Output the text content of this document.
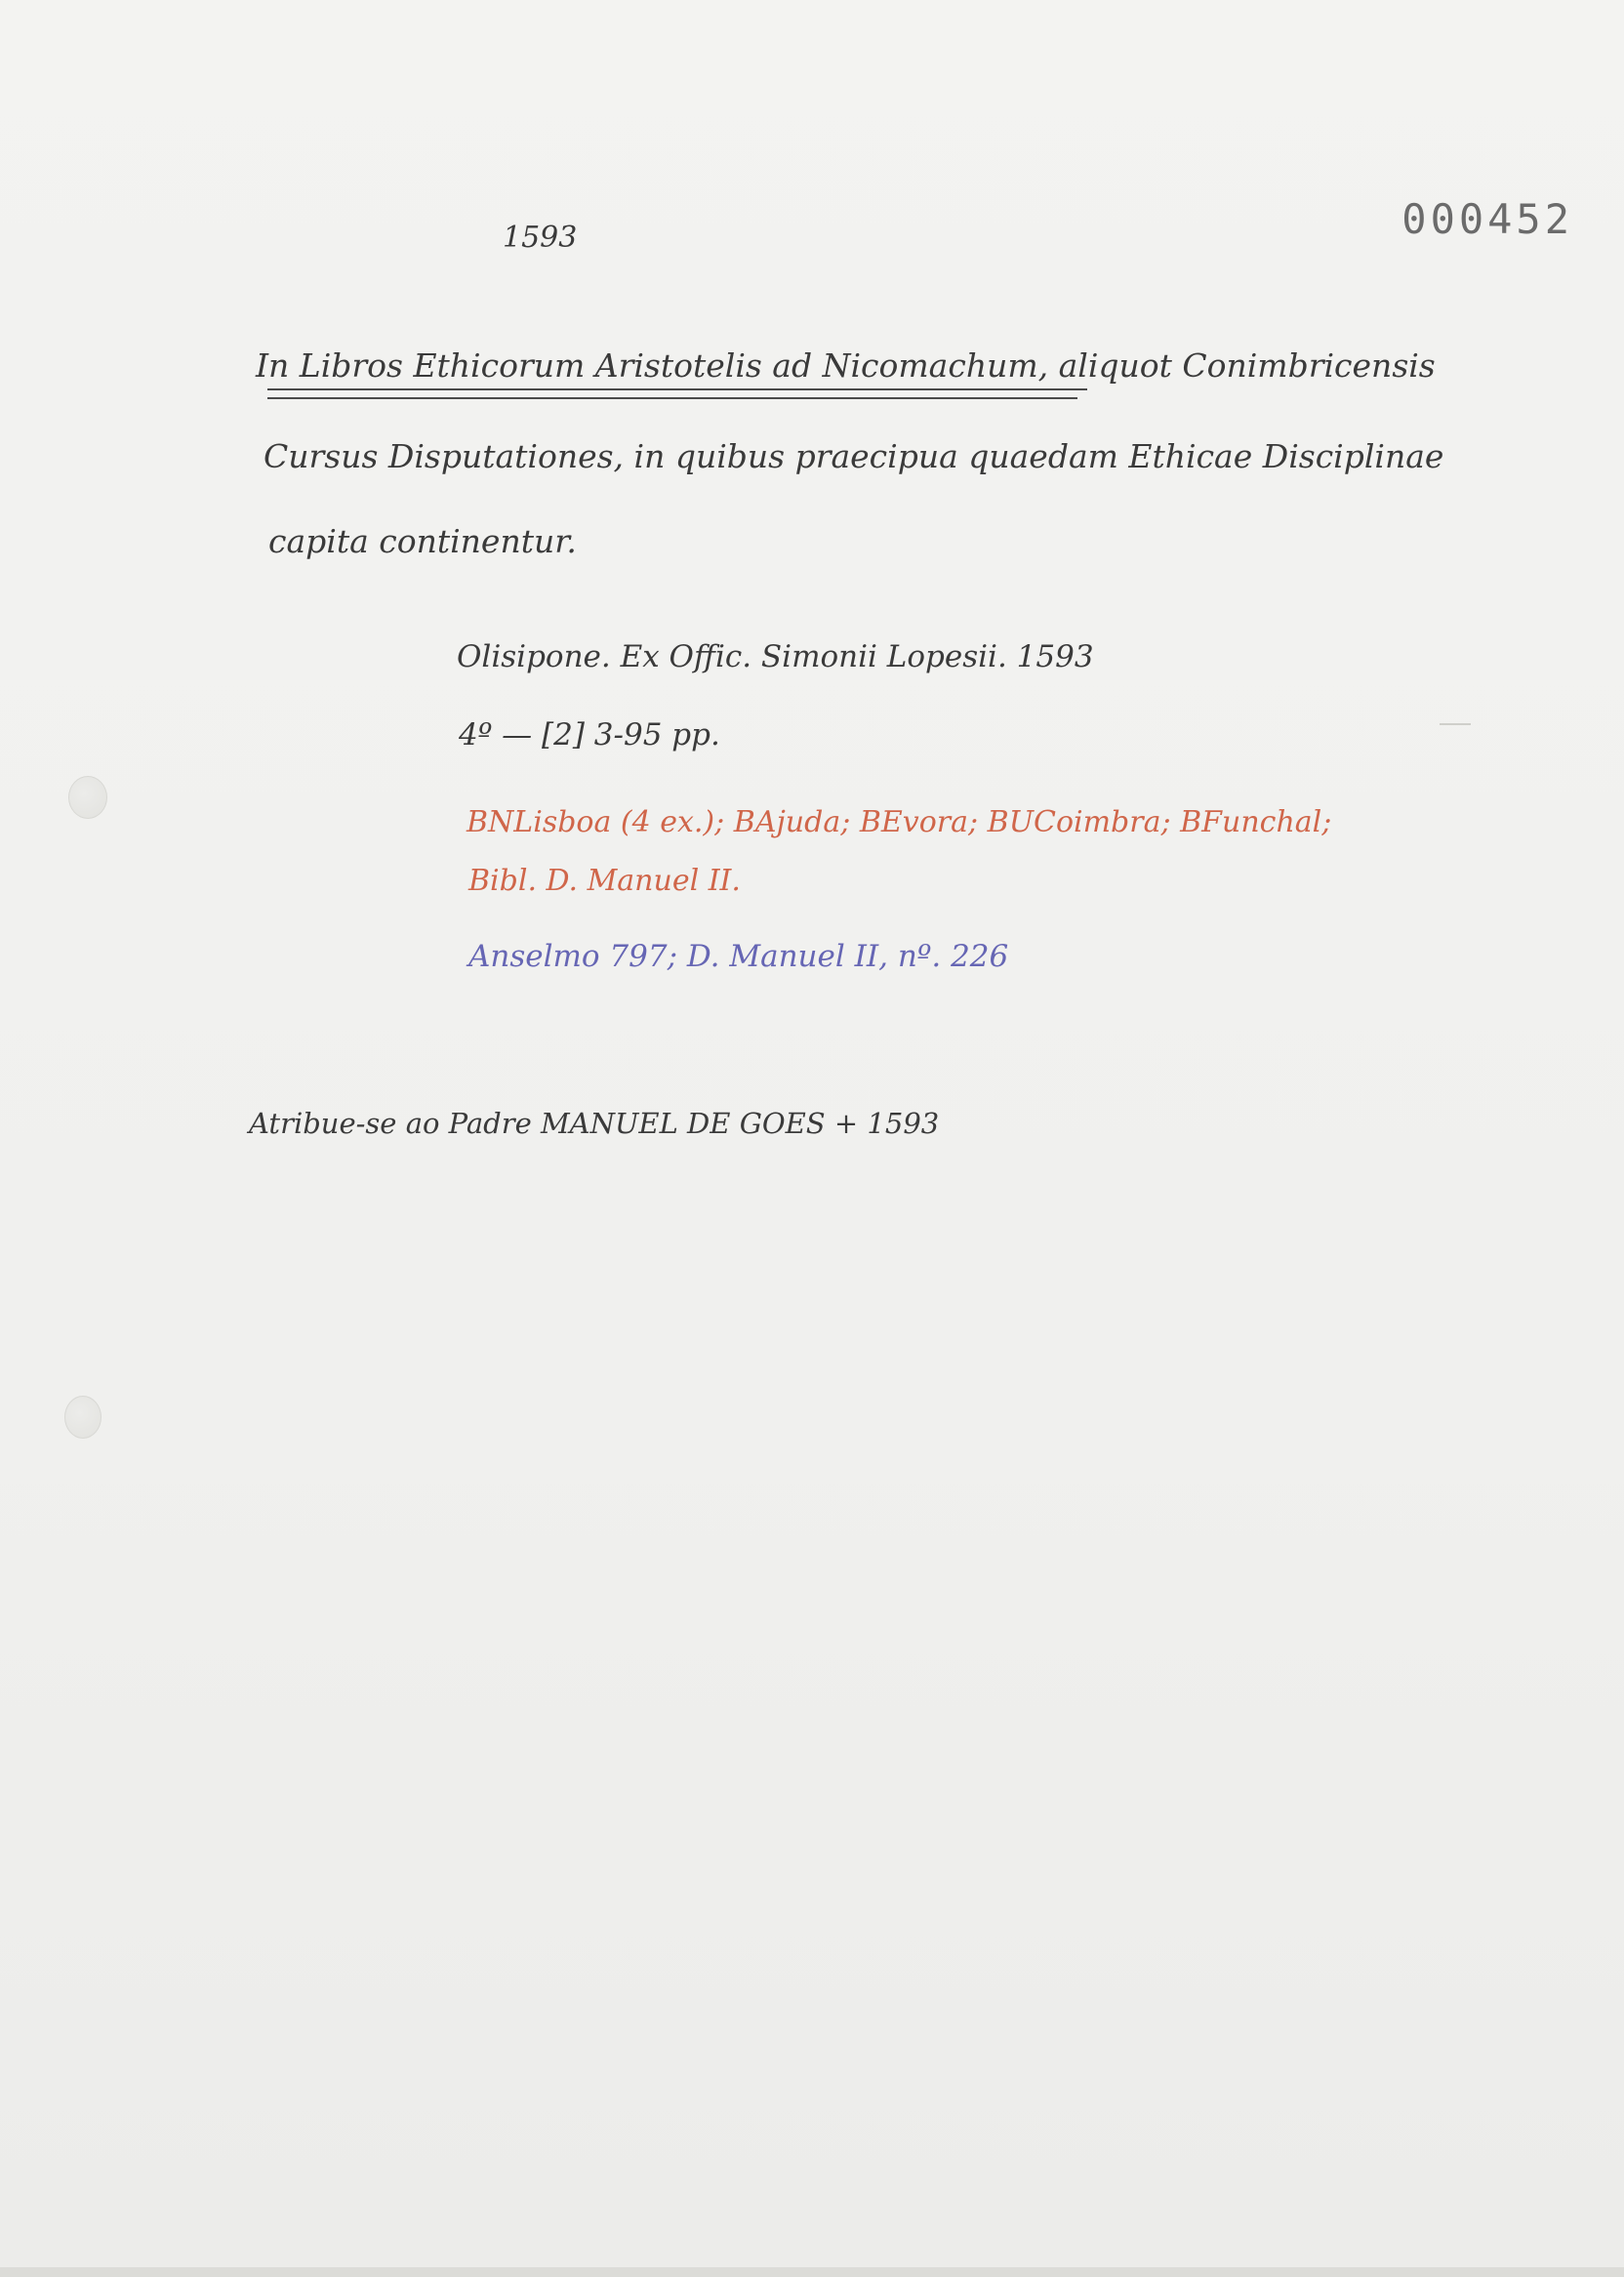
1593	000452
In Libros Ethicorum Aristotelis ad Nicomachum, aliquot Conimbricensis
Cursus Disputationes, in quibus praecipua quaedam Ethicae Disciplinae
capita continentur.
Olisipone. Ex Offic. Simonii Lopesii. 1593
4º — [2] 3-95 pp.
BNLisboa (4 ex.); BAjuda; BEvora; BUCoimbra; BFunchal;
Bibl. D. Manuel II.
Anselmo 797; D. Manuel II, nº. 226
Atribue-se ao Padre MANUEL DE GOES + 1593
